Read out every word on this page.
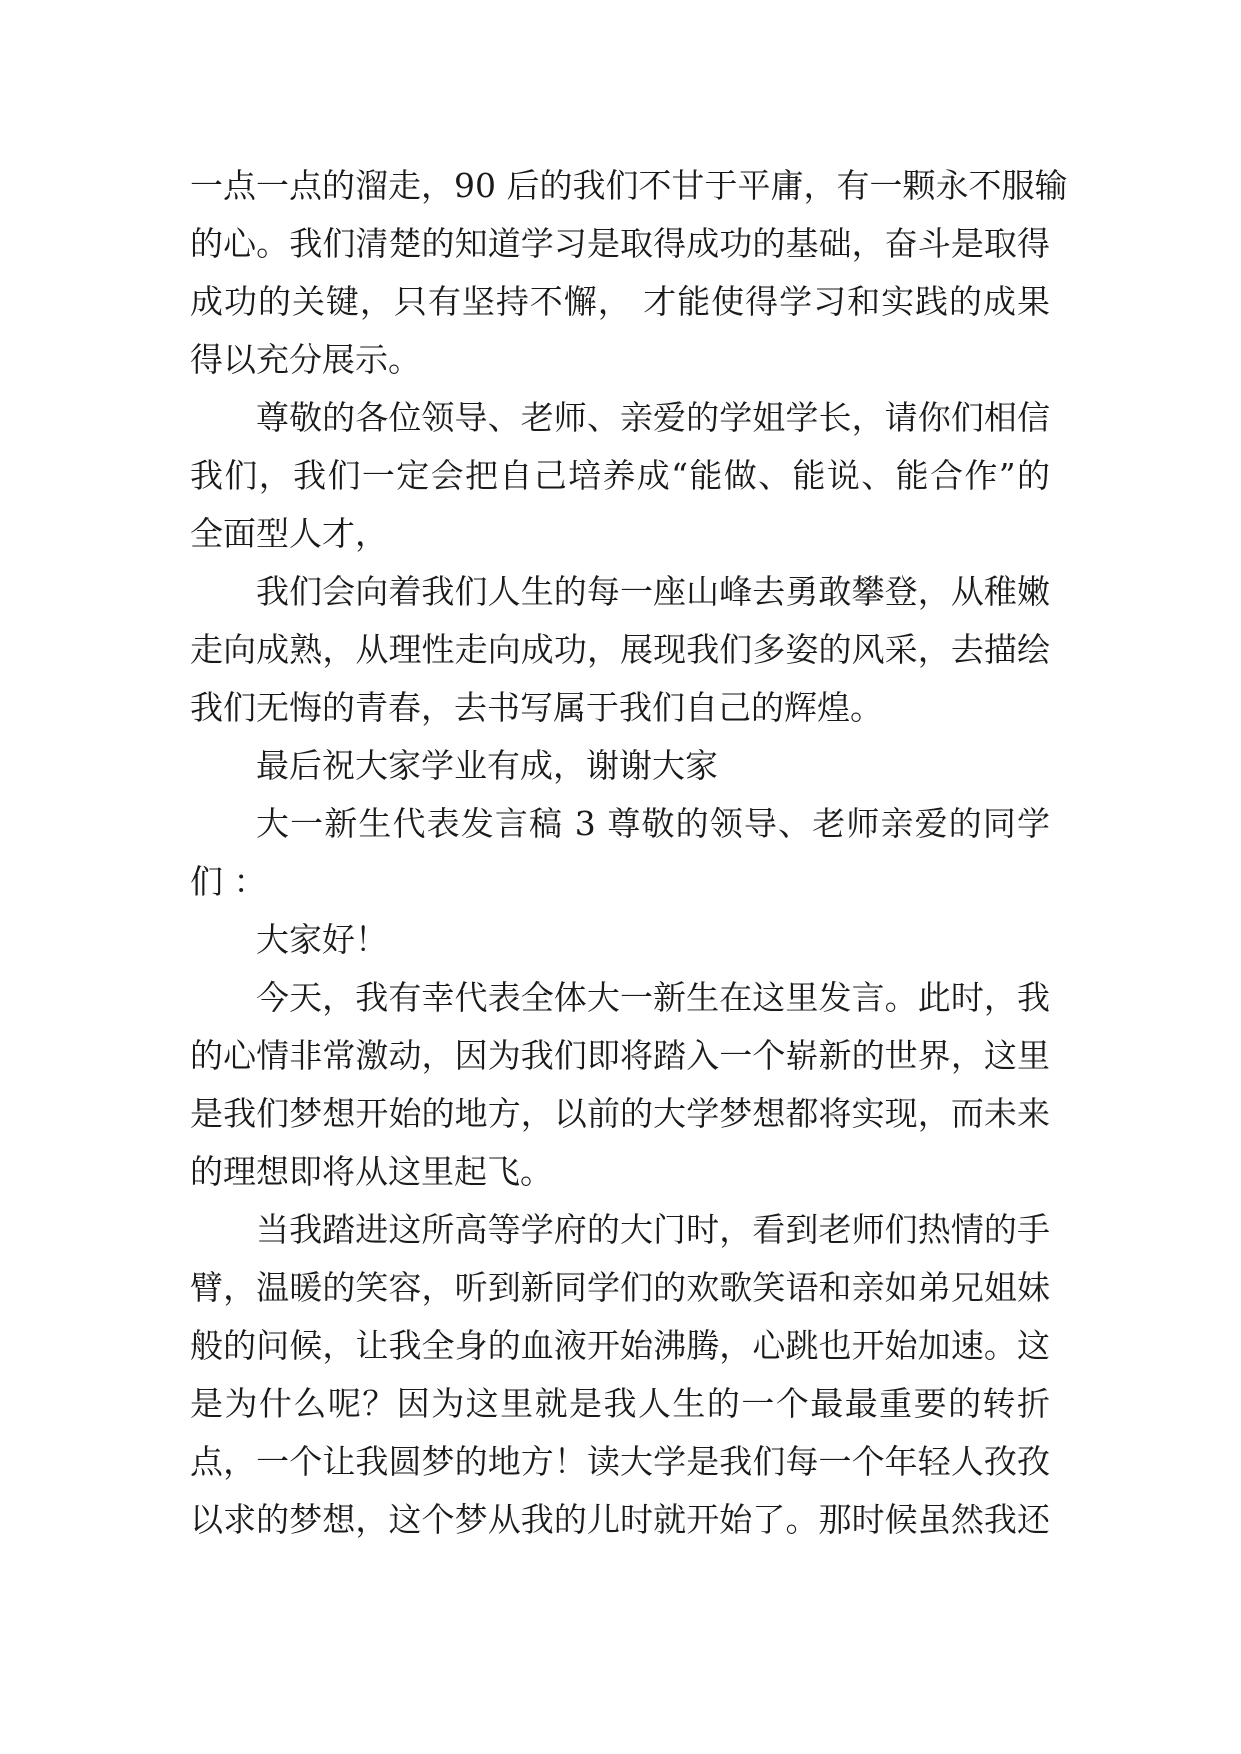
一点一点的溜走，90 后的我们不甘于平庸，有一颗永不服输
的心。我们清楚的知道学习是取得成功的基础，奋斗是取得
成功的关键，只有坚持不懈， 才能使得学习和实践的成果
得以充分展示。
尊敬的各位领导、老师、亲爱的学姐学长，请你们相信
我们，我们一定会把自己培养成“能做、能说、能合作”的
全面型人才，
我们会向着我们人生的每一座山峰去勇敢攀登，从稚嫩
走向成熟，从理性走向成功，展现我们多姿的风采，去描绘
我们无悔的青春，去书写属于我们自己的辉煌。
最后祝大家学业有成，谢谢大家
大一新生代表发言稿 3 尊敬的领导、老师亲爱的同学
们 ：
大家好！
今天，我有幸代表全体大一新生在这里发言。此时，我
的心情非常激动，因为我们即将踏入一个崭新的世界，这里
是我们梦想开始的地方，以前的大学梦想都将实现，而未来
的理想即将从这里起飞。
当我踏进这所高等学府的大门时，看到老师们热情的手
臂，温暖的笑容，听到新同学们的欢歌笑语和亲如弟兄姐妹
般的问候，让我全身的血液开始沸腾，心跳也开始加速。这
是为什么呢？因为这里就是我人生的一个最最重要的转折
点，一个让我圆梦的地方！读大学是我们每一个年轻人孜孜
以求的梦想，这个梦从我的儿时就开始了。那时候虽然我还
